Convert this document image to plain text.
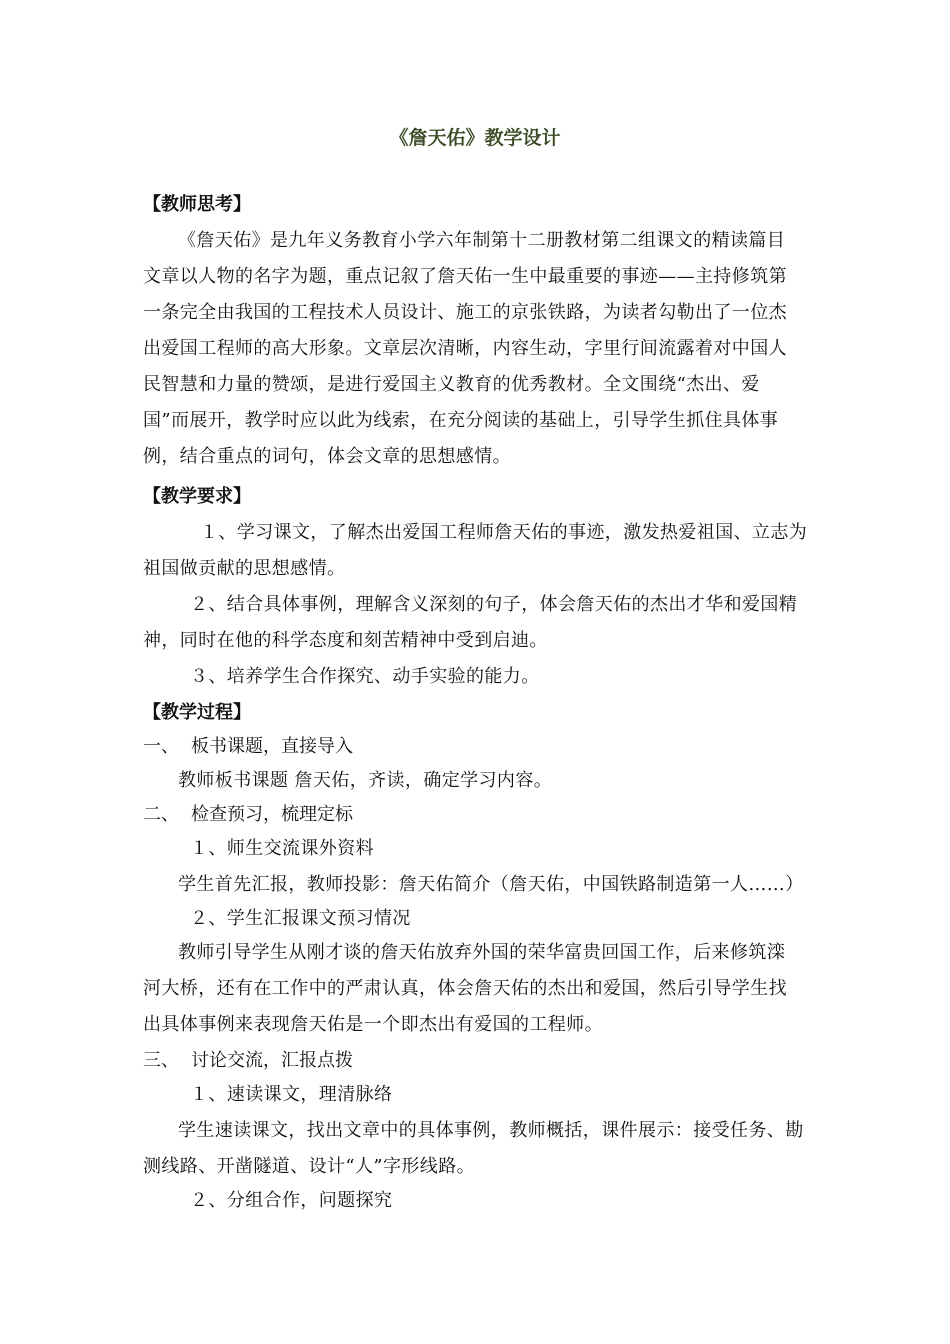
《詹天佑》教学设计
【教师思考】
《詹天佑》是九年义务教育小学六年制第十二册教材第二组课文的精读篇目
文章以人物的名字为题，重点记叙了詹天佑一生中最重要的事迹——主持修筑第
一条完全由我国的工程技术人员设计、施工的京张铁路，为读者勾勒出了一位杰
出爱国工程师的高大形象。文章层次清晰，内容生动，字里行间流露着对中国人
民智慧和力量的赞颂，是进行爱国主义教育的优秀教材。全文围绕“杰出、爱
国”而展开，教学时应以此为线索，在充分阅读的基础上，引导学生抓住具体事
例，结合重点的词句，体会文章的思想感情。
【教学要求】
１、学习课文，了解杰出爱国工程师詹天佑的事迹，激发热爱祖国、立志为
祖国做贡献的思想感情。
２、结合具体事例，理解含义深刻的句子，体会詹天佑的杰出才华和爱国精
神，同时在他的科学态度和刻苦精神中受到启迪。
３、培养学生合作探究、动手实验的能力。
【教学过程】
一、 板书课题，直接导入
教师板书课题 詹天佑，齐读，确定学习内容。
二、 检查预习，梳理定标
１、师生交流课外资料
学生首先汇报，教师投影：詹天佑简介（詹天佑，中国铁路制造第一人……）
２、学生汇报课文预习情况
教师引导学生从刚才谈的詹天佑放弃外国的荣华富贵回国工作，后来修筑滦
河大桥，还有在工作中的严肃认真，体会詹天佑的杰出和爱国，然后引导学生找
出具体事例来表现詹天佑是一个即杰出有爱国的工程师。
三、 讨论交流，汇报点拨
１、速读课文，理清脉络
学生速读课文，找出文章中的具体事例，教师概括，课件展示：接受任务、勘
测线路、开凿隧道、设计“人”字形线路。
２、分组合作，问题探究
